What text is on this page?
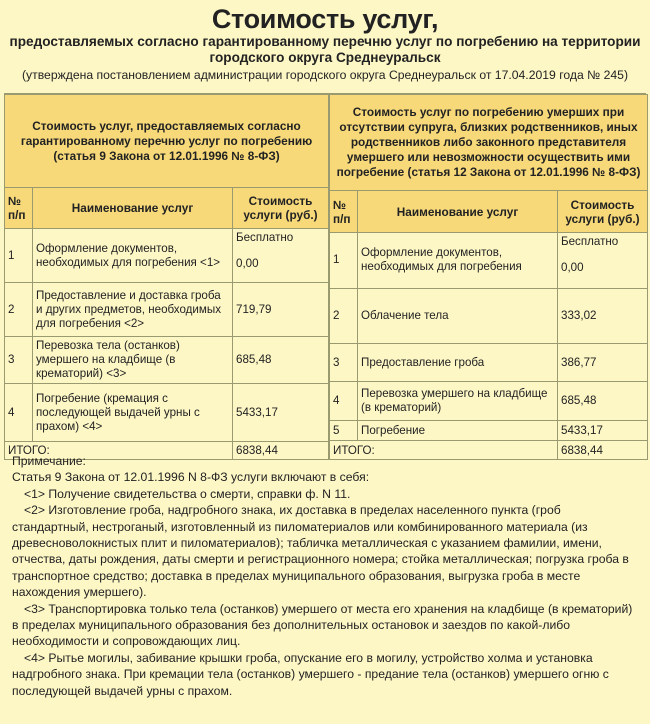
Стоимость услуг,
предоставляемых согласно гарантированному перечню услуг по погребению на территории
городского округа Среднеуральск
(утверждена постановлением администрации городского округа Среднеуральск от 17.04.2019 года № 245)
Стоимость услуг, предоставляемых согласно гарантированному перечню услуг по погребению (статья 9 Закона от 12.01.1996 № 8-ФЗ)		
№ п/п	Наименование услуг	Стоимость услуги (руб.)
1	Оформление документов, необходимых для погребения <1>	Бесплатно
0,00

2	Предоставление и доставка гроба и других предметов, необходимых для погребения <2>	719,79
3	Перевозка тела (останков) умершего на кладбище (в крематорий) <3>	685,48
4	Погребение (кремация с последующей выдачей урны с прахом) <4>	5433,17
ИТОГО:		6838,44
Стоимость услуг по погребению умерших при отсутствии супруга, близких родственников, иных родственников либо законного представителя умершего или невозможности осуществить ими погребение (статья 12 Закона от 12.01.1996 № 8-ФЗ)		
№ п/п	Наименование услуг	Стоимость услуги (руб.)
1	Оформление документов, необходимых для погребения	Бесплатно
0,00

2	Облачение тела	333,02
3	Предоставление гроба	386,77
4	Перевозка умершего на кладбище (в крематорий)	685,48
5	Погребение	5433,17
ИТОГО:		6838,44

Примечание:

Статья 9 Закона от 12.01.1996 N 8-ФЗ услуги включают в себя:

<1> Получение свидетельства о смерти, справки ф. N 11.

<2> Изготовление гроба, надгробного знака, их доставка в пределах населенного пункта (гроб стандартный, нестроганый, изготовленный из пиломатериалов или комбинированного материала (из древесноволокнистых плит и пиломатериалов); табличка металлическая с указанием фамилии, имени, отчества, даты рождения, даты смерти и регистрационного номера; стойка металлическая; погрузка гроба в транспортное средство; доставка в пределах муниципального образования, выгрузка гроба в месте нахождения умершего).

<3> Транспортировка только тела (останков) умершего от места его хранения на кладбище (в крематорий) в пределах муниципального образования без дополнительных остановок и заездов по какой-либо необходимости и сопровождающих лиц.

<4> Рытье могилы, забивание крышки гроба, опускание его в могилу, устройство холма и установка надгробного знака. При кремации тела (останков) умершего - предание тела (останков) умершего огню с последующей выдачей урны с прахом.
